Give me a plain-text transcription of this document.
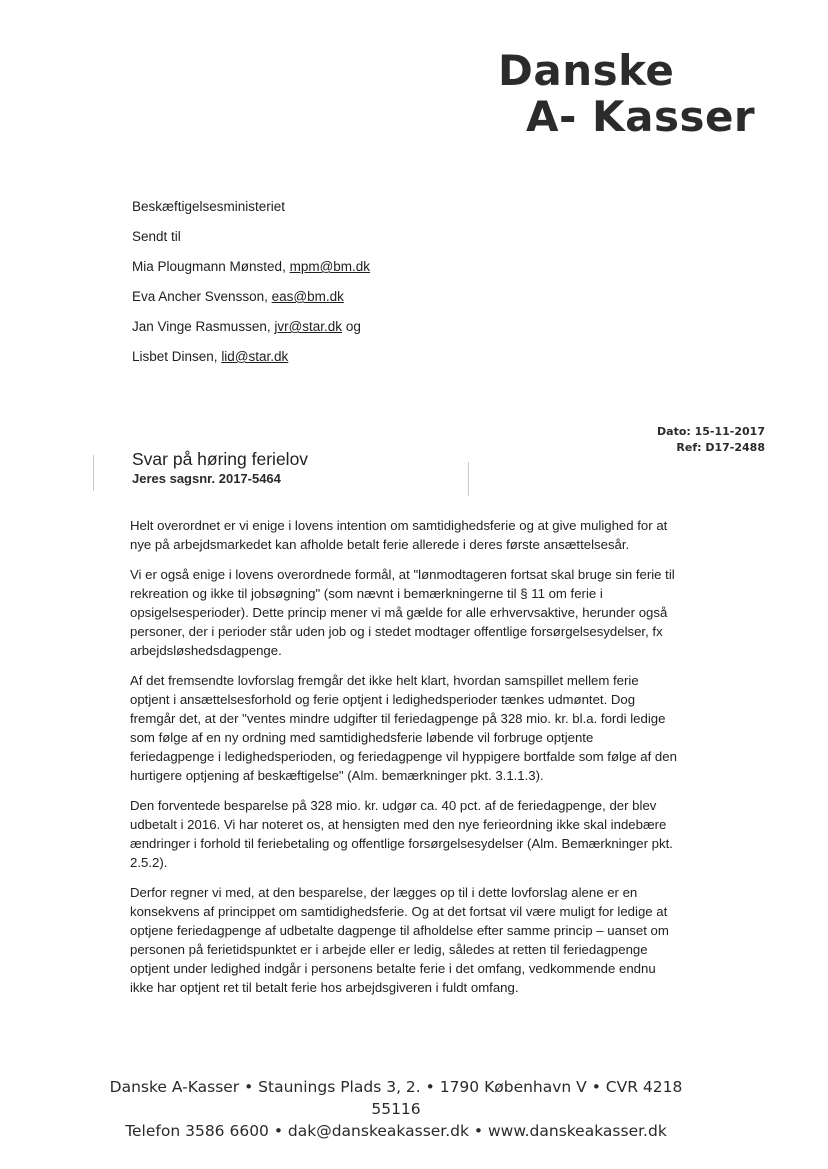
Danske
A- Kasser
Beskæftigelsesministeriet
Sendt til
Mia Plougmann Mønsted, mpm@bm.dk
Eva Ancher Svensson, eas@bm.dk
Jan Vinge Rasmussen, jvr@star.dk og
Lisbet Dinsen, lid@star.dk
Dato: 15-11-2017
Ref: D17-2488
Svar på høring ferielov
Jeres sagsnr. 2017-5464

Helt overordnet er vi enige i lovens intention om samtidighedsferie og at give mulighed for at nye på arbejdsmarkedet kan afholde betalt ferie allerede i deres første ansættelsesår.

Vi er også enige i lovens overordnede formål, at "lønmodtageren fortsat skal bruge sin ferie til rekreation og ikke til jobsøgning" (som nævnt i bemærkningerne til § 11 om ferie i opsigelsesperioder). Dette princip mener vi må gælde for alle erhvervsaktive, herunder også personer, der i perioder står uden job og i stedet modtager offentlige forsørgelsesydelser, fx arbejdsløshedsdagpenge.

Af det fremsendte lovforslag fremgår det ikke helt klart, hvordan samspillet mellem ferie optjent i ansættelsesforhold og ferie optjent i ledighedsperioder tænkes udmøntet. Dog fremgår det, at der "ventes mindre udgifter til feriedagpenge på 328 mio. kr. bl.a. fordi ledige som følge af en ny ordning med samtidighedsferie løbende vil forbruge optjente feriedagpenge i ledighedsperioden, og feriedagpenge vil hyppigere bortfalde som følge af den hurtigere optjening af beskæftigelse" (Alm. bemærkninger pkt. 3.1.1.3).

Den forventede besparelse på 328 mio. kr. udgør ca. 40 pct. af de feriedagpenge, der blev udbetalt i 2016. Vi har noteret os, at hensigten med den nye ferieordning ikke skal indebære ændringer i forhold til feriebetaling og offentlige forsørgelsesydelser (Alm. Bemærkninger pkt. 2.5.2).

Derfor regner vi med, at den besparelse, der lægges op til i dette lovforslag alene er en konsekvens af princippet om samtidighedsferie. Og at det fortsat vil være muligt for ledige at optjene feriedagpenge af udbetalte dagpenge til afholdelse efter samme princip – uanset om personen på ferietidspunktet er i arbejde eller er ledig, således at retten til feriedagpenge optjent under ledighed indgår i personens betalte ferie i det omfang, vedkommende endnu ikke har optjent ret til betalt ferie hos arbejdsgiveren i fuldt omfang.

Danske A-Kasser • Staunings Plads 3, 2. • 1790 København V • CVR 4218 55116
Telefon 3586 6600 • dak@danskeakasser.dk • www.danskeakasser.dk
